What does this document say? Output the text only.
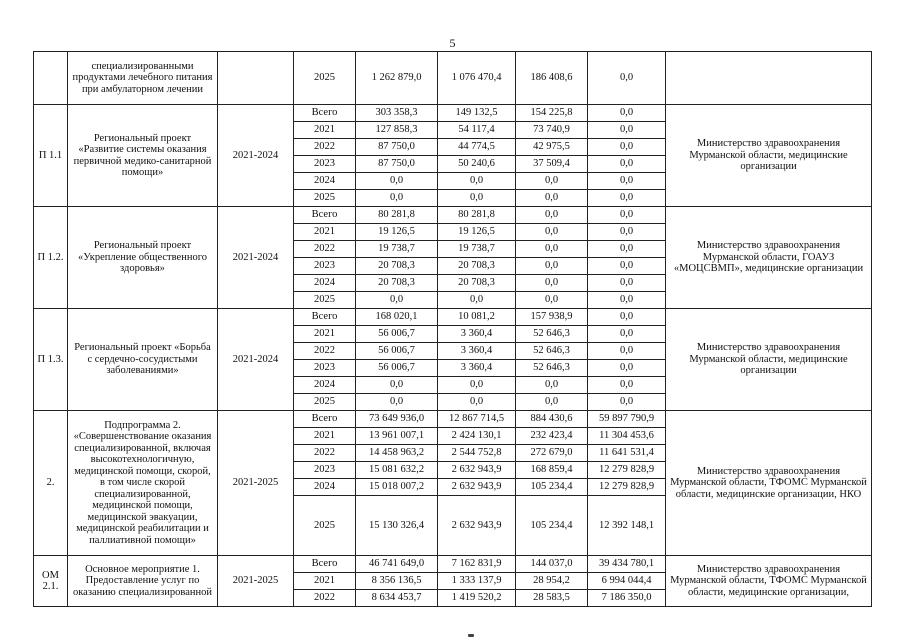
5
	специализированными продуктами лечебного питания при амбулаторном лечении		2025	1 262 879,0	1 076 470,4	186 408,6	0,0	
П 1.1	Региональный проект «Развитие системы оказания первичной медико-санитарной помощи»	2021-2024	Всего	303 358,3	149 132,5	154 225,8	0,0	Министерство здравоохранения Мурманской области, медицинские организации
			2021	127 858,3	54 117,4	73 740,9	0,0	
			2022	87 750,0	44 774,5	42 975,5	0,0	
			2023	87 750,0	50 240,6	37 509,4	0,0	
			2024	0,0	0,0	0,0	0,0	
			2025	0,0	0,0	0,0	0,0	
П 1.2.	Региональный проект «Укрепление общественного здоровья»	2021-2024	Всего	80 281,8	80 281,8	0,0	0,0	Министерство здравоохранения Мурманской области, ГОАУЗ «МОЦСВМП», медицинские организации
			2021	19 126,5	19 126,5	0,0	0,0	
			2022	19 738,7	19 738,7	0,0	0,0	
			2023	20 708,3	20 708,3	0,0	0,0	
			2024	20 708,3	20 708,3	0,0	0,0	
			2025	0,0	0,0	0,0	0,0	
П 1.3.	Региональный проект «Борьба с сердечно-сосудистыми заболеваниями»	2021-2024	Всего	168 020,1	10 081,2	157 938,9	0,0	Министерство здравоохранения Мурманской области, медицинские организации
			2021	56 006,7	3 360,4	52 646,3	0,0	
			2022	56 006,7	3 360,4	52 646,3	0,0	
			2023	56 006,7	3 360,4	52 646,3	0,0	
			2024	0,0	0,0	0,0	0,0	
			2025	0,0	0,0	0,0	0,0	
2.	Подпрограмма 2. «Совершенствование оказания специализированной, включая высокотехнологичную, медицинской помощи, скорой, в том числе скорой специализированной, медицинской помощи, медицинской эвакуации, медицинской реабилитации и паллиативной помощи»	2021-2025	Всего	73 649 936,0	12 867 714,5	884 430,6	59 897 790,9	Министерство здравоохранения Мурманской области, ТФОМС Мурманской области, медицинские организации, НКО
			2021	13 961 007,1	2 424 130,1	232 423,4	11 304 453,6	
			2022	14 458 963,2	2 544 752,8	272 679,0	11 641 531,4	
			2023	15 081 632,2	2 632 943,9	168 859,4	12 279 828,9	
			2024	15 018 007,2	2 632 943,9	105 234,4	12 279 828,9	
			2025	15 130 326,4	2 632 943,9	105 234,4	12 392 148,1	
ОМ 2.1.	Основное мероприятие 1. Предоставление услуг по оказанию специализированной	2021-2025	Всего	46 741 649,0	7 162 831,9	144 037,0	39 434 780,1	Министерство здравоохранения Мурманской области, ТФОМС Мурманской области, медицинские организации,
			2021	8 356 136,5	1 333 137,9	28 954,2	6 994 044,4	
			2022	8 634 453,7	1 419 520,2	28 583,5	7 186 350,0	
